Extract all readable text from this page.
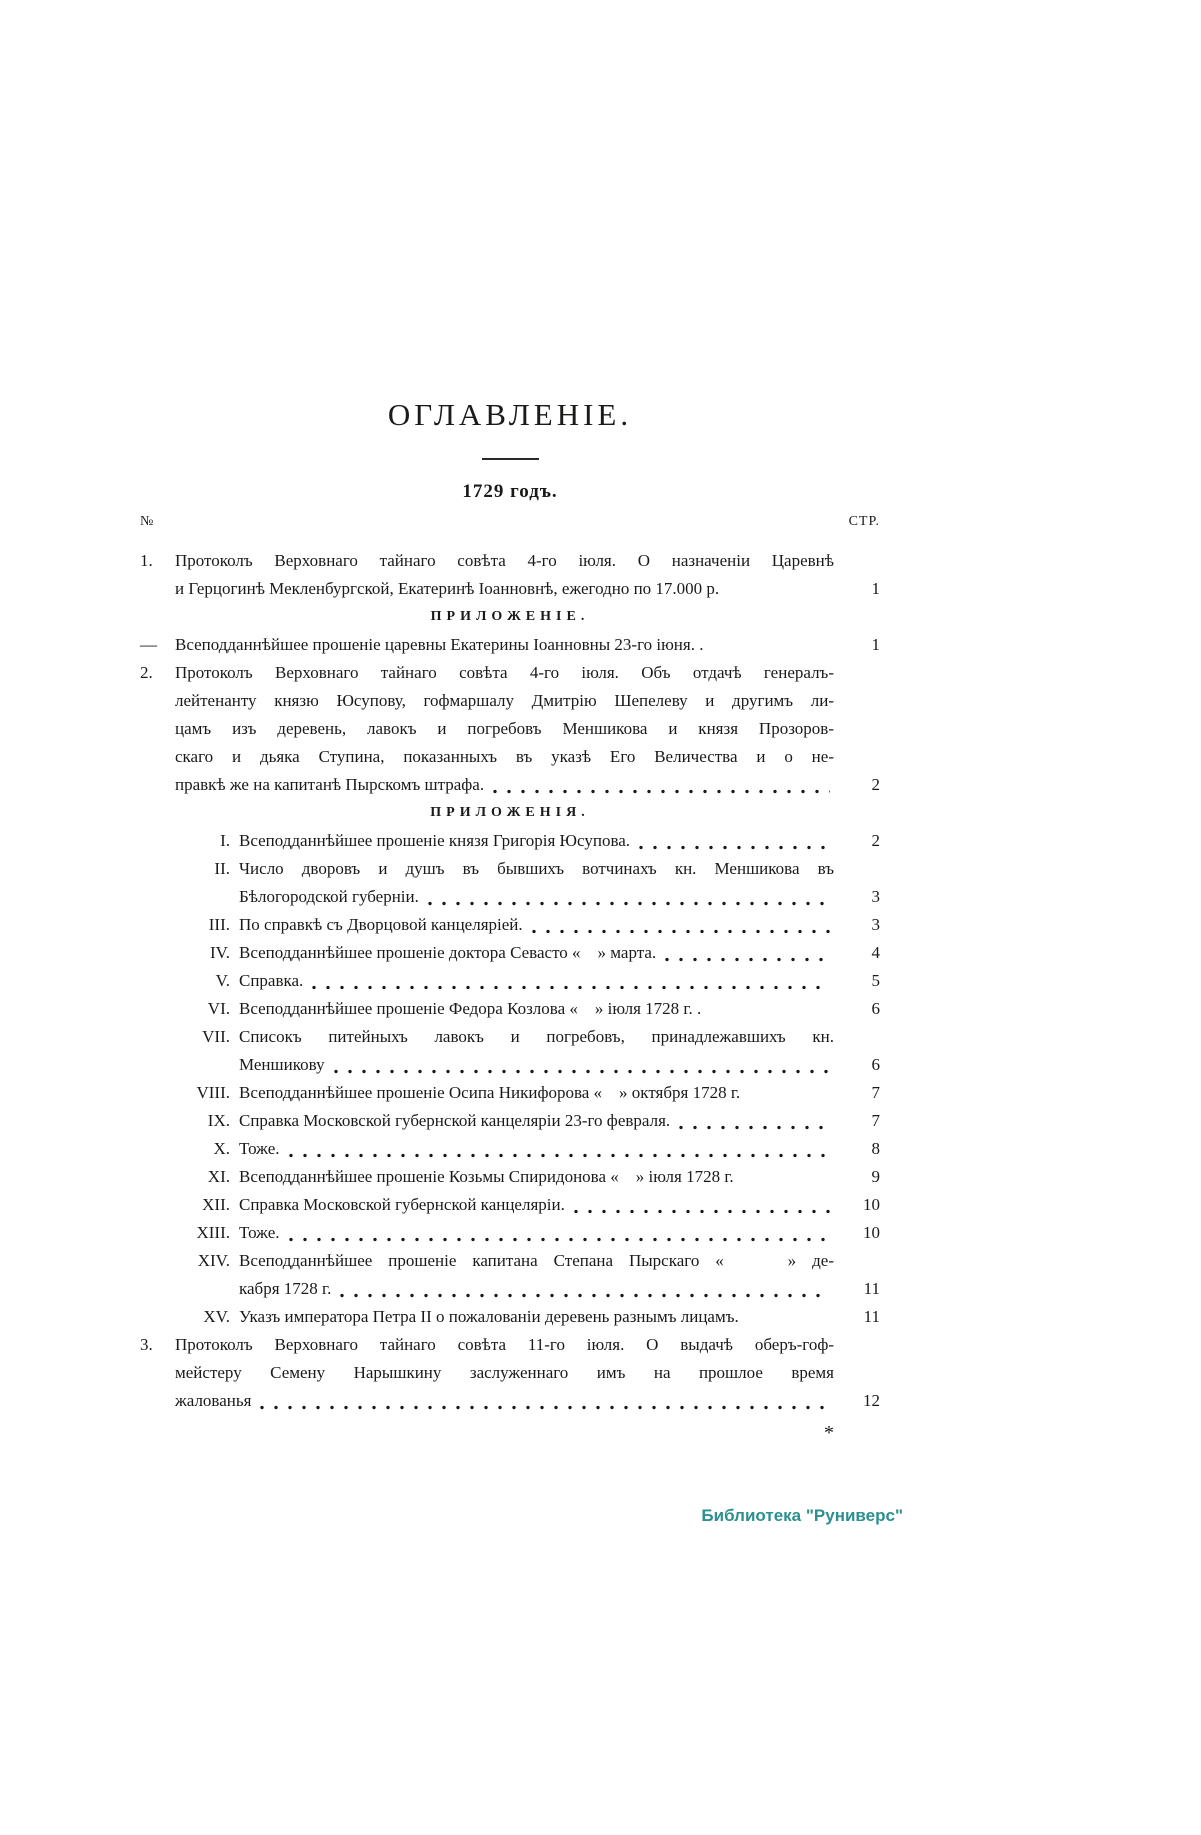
ОГЛАВЛЕНІЕ.
1729 годъ.
№	СТР.
1.	Протоколъ Верховнаго тайнаго совѣта 4-го іюля. О назначеніи Царевнѣ
и Герцогинѣ Мекленбургской, Екатеринѣ Іоанновнѣ, ежегодно по 17.000 р.	1
ПРИЛОЖЕНІЕ.
—	Всеподданнѣйшее прошеніе царевны Екатерины Іоанновны 23-го іюня. .	1
2.	Протоколъ Верховнаго тайнаго совѣта 4-го іюля. Объ отдачѣ генералъ-
лейтенанту князю Юсупову, гофмаршалу Дмитрію Шепелеву и другимъ ли-
цамъ изъ деревень, лавокъ и погребовъ Меншикова и князя Прозоров-
скаго и дьяка Ступина, показанныхъ въ указѣ Его Величества и о не-
правкѣ же на капитанѣ Пырскомъ штрафа.	2
ПРИЛОЖЕНІЯ.
I. Всеподданнѣйшее прошеніе князя Григорія Юсупова.	2
II. Число дворовъ и душъ въ бывшихъ вотчинахъ кн. Меншикова въ
Бѣлогородской губерніи.	3
III. По справкѣ съ Дворцовой канцеляріей.	3
IV. Всеподданнѣйшее прошеніе доктора Севасто «    » марта.	4
V. Справка.	5
VI. Всеподданнѣйшее прошеніе Федора Козлова «    » іюля 1728 г. .	6
VII. Списокъ питейныхъ лавокъ и погребовъ, принадлежавшихъ кн.
Меншикову	6
VIII. Всеподданнѣйшее прошеніе Осипа Никифорова «    » октября 1728 г.	7
IX. Справка Московской губернской канцеляріи 23-го февраля.	7
X. Тоже.	8
XI. Всеподданнѣйшее прошеніе Козьмы Спиридонова «    » іюля 1728 г.	9
XII. Справка Московской губернской канцеляріи.	10
XIII. Тоже.	10
XIV. Всеподданнѣйшее прошеніе капитана Степана Пырскаго «    » де-
кабря 1728 г.	11
XV. Указъ императора Петра II о пожалованіи деревень разнымъ лицамъ.	11
3.	Протоколъ Верховнаго тайнаго совѣта 11-го іюля. О выдачѣ оберъ-гоф-
мейстеру Семену Нарышкину заслуженнаго имъ на прошлое время
жалованья	12
*
Библиотека "Руниверс"
